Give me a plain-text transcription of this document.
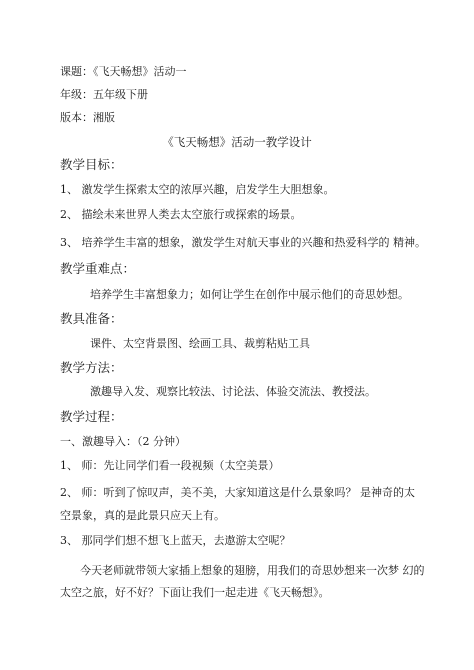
课题：《飞天畅想》活动一
年级：五年级下册
版本：湘版
《飞天畅想》活动一教学设计
教学目标：
1、 激发学生探索太空的浓厚兴趣，启发学生大胆想象。
2、 描绘未来世界人类去太空旅行或探索的场景。
3、 培养学生丰富的想象，激发学生对航天事业的兴趣和热爱科学的 精神。
教学重难点：
培养学生丰富想象力；如何让学生在创作中展示他们的奇思妙想。
教具准备：
课件、太空背景图、绘画工具、裁剪粘贴工具
教学方法：
激趣导入发、观察比较法、讨论法、体验交流法、教授法。
教学过程：
一、激趣导入：（2 分钟）
1、 师：先让同学们看一段视频（太空美景）
2、 师：听到了惊叹声，美不美，大家知道这是什么景象吗？ 是神奇的太
空景象，真的是此景只应天上有。
3、 那同学们想不想飞上蓝天，去遨游太空呢？
今天老师就带领大家插上想象的翅膀，用我们的奇思妙想来一次梦 幻的
太空之旅，好不好？下面让我们一起走进《飞天畅想》。
